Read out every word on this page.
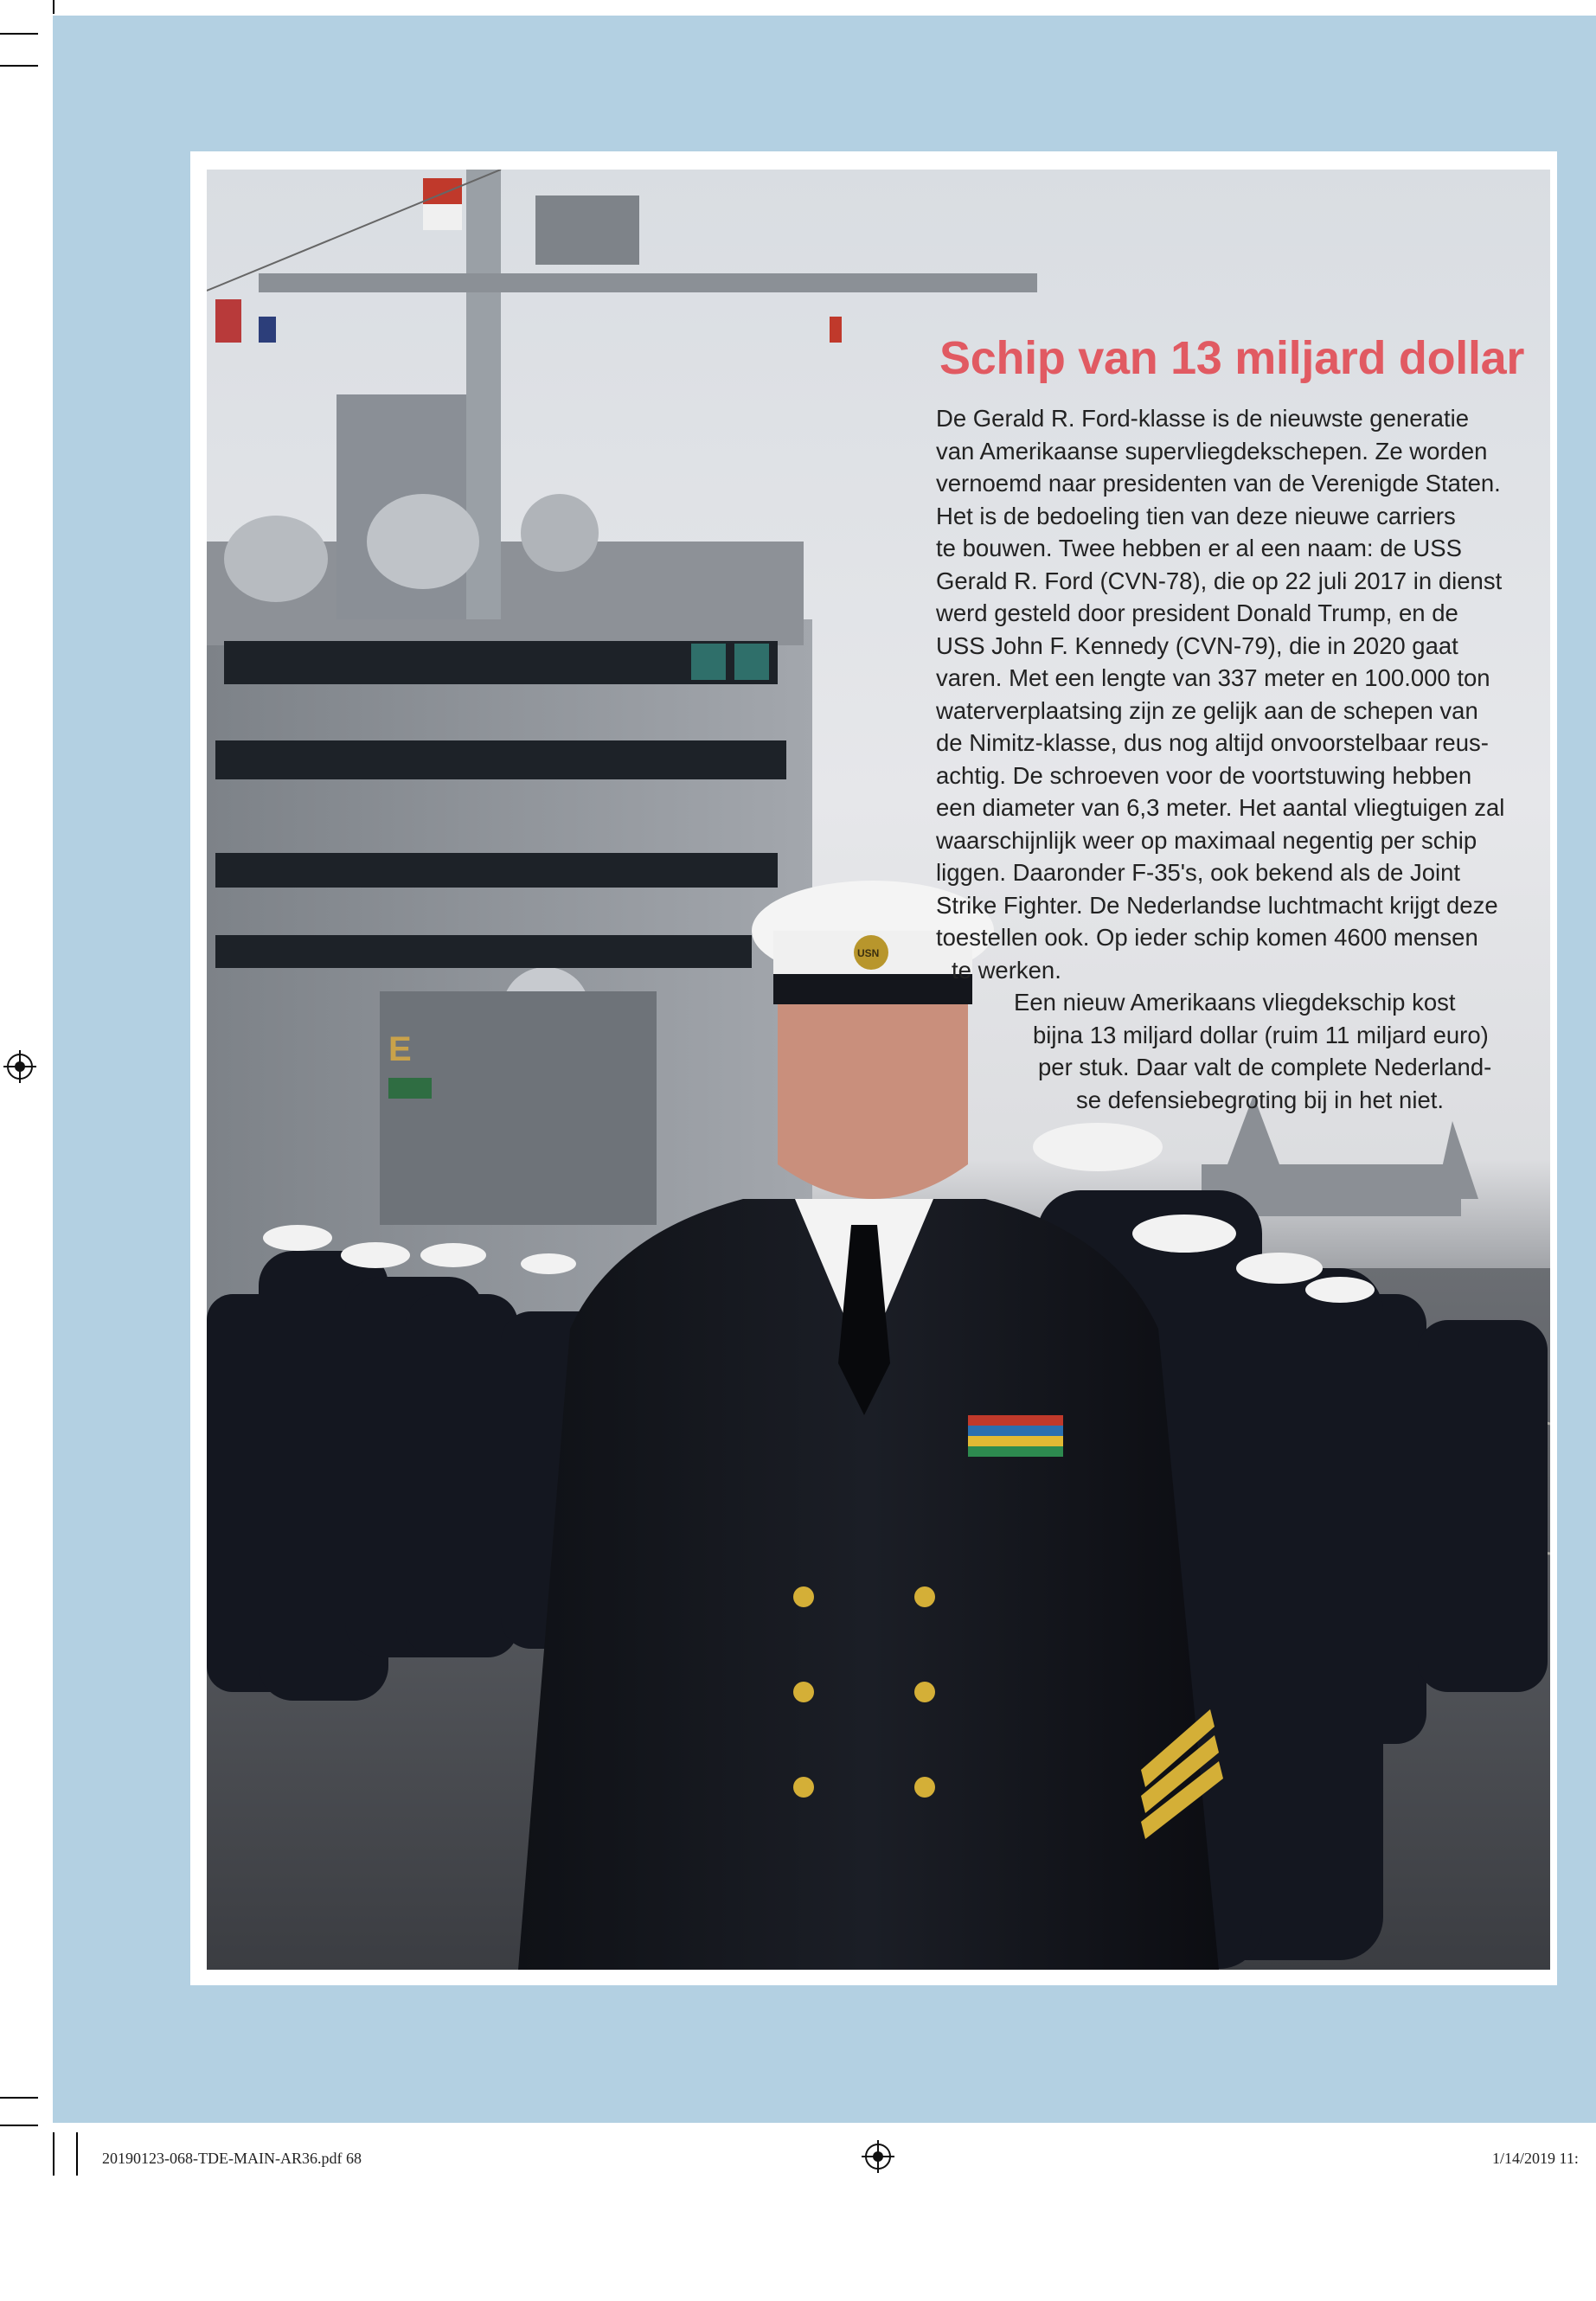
E
USN
Schip van 13 miljard dollar
De Gerald R. Ford-klasse is de nieuwste generatie
van Amerikaanse supervliegdekschepen. Ze worden
vernoemd naar presidenten van de Verenigde Staten.
Het is de bedoeling tien van deze nieuwe carriers
te bouwen. Twee hebben er al een naam: de USS
Gerald R. Ford (CVN-78), die op 22 juli 2017 in dienst
werd gesteld door president Donald Trump, en de
USS John F. Kennedy (CVN-79), die in 2020 gaat
varen. Met een lengte van 337 meter en 100.000 ton
waterverplaatsing zijn ze gelijk aan de schepen van
de Nimitz-klasse, dus nog altijd onvoorstelbaar reus-
achtig. De schroeven voor de voortstuwing hebben
een diameter van 6,3 meter. Het aantal vliegtuigen zal
waarschijnlijk weer op maximaal negentig per schip
liggen. Daaronder F-35's, ook bekend als de Joint
Strike Fighter. De Nederlandse luchtmacht krijgt deze
toestellen ook. Op ieder schip komen 4600 mensen
te werken.
Een nieuw Amerikaans vliegdekschip kost
bijna 13 miljard dollar (ruim 11 miljard euro)
per stuk. Daar valt de complete Nederland-
se defensiebegroting bij in het niet.
20190123-068-TDE-MAIN-AR36.pdf 68	1/14/2019 11:
